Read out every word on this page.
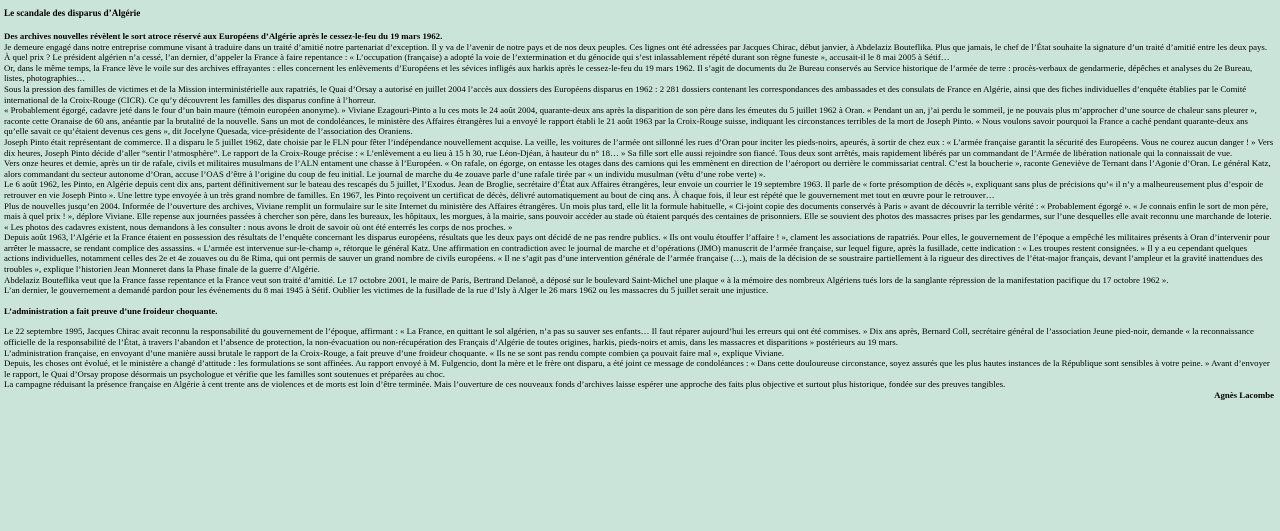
Le scandale des disparus d’Algérie
Des archives nouvelles révèlent le sort atroce réservé aux Européens d’Algérie après le cessez-le-feu du 19 mars 1962.
Je demeure engagé dans notre entreprise commune visant à traduire dans un traité d’amitié notre partenariat d’exception. Il y va de l’avenir de notre pays et de nos deux peuples. Ces lignes ont été adressées par Jacques Chirac, début janvier, à Abdelaziz Bouteflika. Plus que jamais, le chef de l’État souhaite la signature d’un traité d’amitié entre les deux pays. À quel prix ? Le président algérien n’a cessé, l’an dernier, d’appeler la France à faire repentance : « L’occupation (française) a adopté la voie de l’extermination et du génocide qui s’est inlassablement répété durant son règne funeste », accusait-il le 8 mai 2005 à Sétif…
Or, dans le même temps, la France lève le voile sur des archives effrayantes : elles concernent les enlèvements d’Européens et les sévices infligés aux harkis après le cessez-le-feu du 19 mars 1962. Il s’agit de documents du 2e Bureau conservés au Service historique de l’armée de terre : procès-verbaux de gendarmerie, dépêches et analyses du 2e Bureau, listes, photographies…
Sous la pression des familles de victimes et de la Mission interministérielle aux rapatriés, le Quai d’Orsay a autorisé en juillet 2004 l’accès aux dossiers des Européens disparus en 1962 : 2 281 dossiers contenant les correspondances des ambassades et des consulats de France en Algérie, ainsi que des fiches individuelles d’enquête établies par le Comité international de la Croix-Rouge (CICR). Ce qu’y découvrent les familles des disparus confine à l’horreur.
« Probablement égorgé, cadavre jeté dans le four d’un bain maure (témoin européen anonyme). » Viviane Ezagouri-Pinto a lu ces mots le 24 août 2004, quarante-deux ans après la disparition de son père dans les émeutes du 5 juillet 1962 à Oran. « Pendant un an, j’ai perdu le sommeil, je ne pouvais plus m’approcher d’une source de chaleur sans pleurer », raconte cette Oranaise de 60 ans, anéantie par la brutalité de la nouvelle. Sans un mot de condoléances, le ministère des Affaires étrangères lui a envoyé le rapport établi le 21 août 1963 par la Croix-Rouge suisse, indiquant les circonstances terribles de la mort de Joseph Pinto. « Nous voulons savoir pourquoi la France a caché pendant quarante-deux ans qu’elle savait ce qu’étaient devenus ces gens », dit Jocelyne Quesada, vice-présidente de l’association des Oraniens.
Joseph Pinto était représentant de commerce. Il a disparu le 5 juillet 1962, date choisie par le FLN pour fêter l’indépendance nouvellement acquise. La veille, les voitures de l’armée ont sillonné les rues d’Oran pour inciter les pieds-noirs, apeurés, à sortir de chez eux : « L’armée française garantit la sécurité des Européens. Vous ne courez aucun danger ! » Vers dix heures, Joseph Pinto décide d’aller “sentir l’atmosphère”. Le rapport de la Croix-Rouge précise : « L’enlèvement a eu lieu à 15 h 30, rue Léon-Djéan, à hauteur du n° 18… » Sa fille sort elle aussi rejoindre son fiancé. Tous deux sont arrêtés, mais rapidement libérés par un commandant de l’Armée de libération nationale qui la connaissait de vue.
Vers onze heures et demie, après un tir de rafale, civils et militaires musulmans de l’ALN entament une chasse à l’Européen. « On rafale, on égorge, on entasse les otages dans des camions qui les emmènent en direction de l’aéroport ou derrière le commissariat central. C’est la boucherie », raconte Geneviève de Ternant dans l’Agonie d’Oran. Le général Katz, alors commandant du secteur autonome d’Oran, accuse l’OAS d’être à l’origine du coup de feu initial. Le journal de marche du 4e zouave parle d’une rafale tirée par « un individu musulman (vêtu d’une robe verte) ».
Le 6 août 1962, les Pinto, en Algérie depuis cent dix ans, partent définitivement sur le bateau des rescapés du 5 juillet, l’Exodus. Jean de Broglie, secrétaire d’État aux Affaires étrangères, leur envoie un courrier le 19 septembre 1963. Il parle de « forte présomption de décès », expliquant sans plus de précisions qu’« il n’y a malheureusement plus d’espoir de retrouver en vie Joseph Pinto ». Une lettre type envoyée à un très grand nombre de familles. En 1967, les Pinto reçoivent un certificat de décès, délivré automatiquement au bout de cinq ans. À chaque fois, il leur est répété que le gouvernement met tout en œuvre pour le retrouver…
Plus de nouvelles jusqu’en 2004. Informée de l’ouverture des archives, Viviane remplit un formulaire sur le site Internet du ministère des Affaires étrangères. Un mois plus tard, elle lit la formule habituelle, « Ci-joint copie des documents conservés à Paris » avant de découvrir la terrible vérité : « Probablement égorgé ». « Je connais enfin le sort de mon père, mais à quel prix ! », déplore Viviane. Elle repense aux journées passées à chercher son père, dans les bureaux, les hôpitaux, les morgues, à la mairie, sans pouvoir accéder au stade où étaient parqués des centaines de prisonniers. Elle se souvient des photos des massacres prises par les gendarmes, sur l’une desquelles elle avait reconnu une marchande de loterie. « Les photos des cadavres existent, nous demandons à les consulter : nous avons le droit de savoir où ont été enterrés les corps de nos proches. »
Depuis août 1963, l’Algérie et la France étaient en possession des résultats de l’enquête concernant les disparus européens, résultats que les deux pays ont décidé de ne pas rendre publics. « Ils ont voulu étouffer l’affaire ! », clament les associations de rapatriés. Pour elles, le gouvernement de l’époque a empêché les militaires présents à Oran d’intervenir pour arrêter le massacre, se rendant complice des assassins. « L’armée est intervenue sur-le-champ », rétorque le général Katz. Une affirmation en contradiction avec le journal de marche et d’opérations (JMO) manuscrit de l’armée française, sur lequel figure, après la fusillade, cette indication : « Les troupes restent consignées. » Il y a eu cependant quelques actions individuelles, notamment celles des 2e et 4e zouaves ou du 8e Rima, qui ont permis de sauver un grand nombre de civils européens. « Il ne s’agit pas d’une intervention générale de l’armée française (…), mais de la décision de se soustraire partiellement à la rigueur des directives de l’état-major français, devant l’ampleur et la gravité inattendues des troubles », explique l’historien Jean Monneret dans la Phase finale de la guerre d’Algérie.
Abdelaziz Bouteflika veut que la France fasse repentance et la France veut son traité d’amitié. Le 17 octobre 2001, le maire de Paris, Bertrand Delanoë, a déposé sur le boulevard Saint-Michel une plaque « à la mémoire des nombreux Algériens tués lors de la sanglante répression de la manifestation pacifique du 17 octobre 1962 ».
L’an dernier, le gouvernement a demandé pardon pour les événements du 8 mai 1945 à Sétif. Oublier les victimes de la fusillade de la rue d’Isly à Alger le 26 mars 1962 ou les massacres du 5 juillet serait une injustice.
L’administration a fait preuve d’une froideur choquante.
Le 22 septembre 1995, Jacques Chirac avait reconnu la responsabilité du gouvernement de l’époque, affirmant : « La France, en quittant le sol algérien, n’a pas su sauver ses enfants… Il faut réparer aujourd’hui les erreurs qui ont été commises. » Dix ans après, Bernard Coll, secrétaire général de l’association Jeune pied-noir, demande « la reconnaissance officielle de la responsabilité de l’État, à travers l’abandon et l’absence de protection, la non-évacuation ou non-récupération des Français d’Algérie de toutes origines, harkis, pieds-noirs et amis, dans les massacres et disparitions » postérieurs au 19 mars.
L’administration française, en envoyant d’une manière aussi brutale le rapport de la Croix-Rouge, a fait preuve d’une froideur choquante. « Ils ne se sont pas rendu compte combien ça pouvait faire mal », explique Viviane.
Depuis, les choses ont évolué, et le ministère a changé d’attitude : les formulations se sont affinées. Au rapport envoyé à M. Fulgencio, dont la mère et le frère ont disparu, a été joint ce message de condoléances : « Dans cette douloureuse circonstance, soyez assurés que les plus hautes instances de la République sont sensibles à votre peine. » Avant d’envoyer le rapport, le Quai d’Orsay propose désormais un psychologue et vérifie que les familles sont soutenues et préparées au choc.
La campagne réduisant la présence française en Algérie à cent trente ans de violences et de morts est loin d’être terminée. Mais l’ouverture de ces nouveaux fonds d’archives laisse espérer une approche des faits plus objective et surtout plus historique, fondée sur des preuves tangibles.
Agnès Lacombe
